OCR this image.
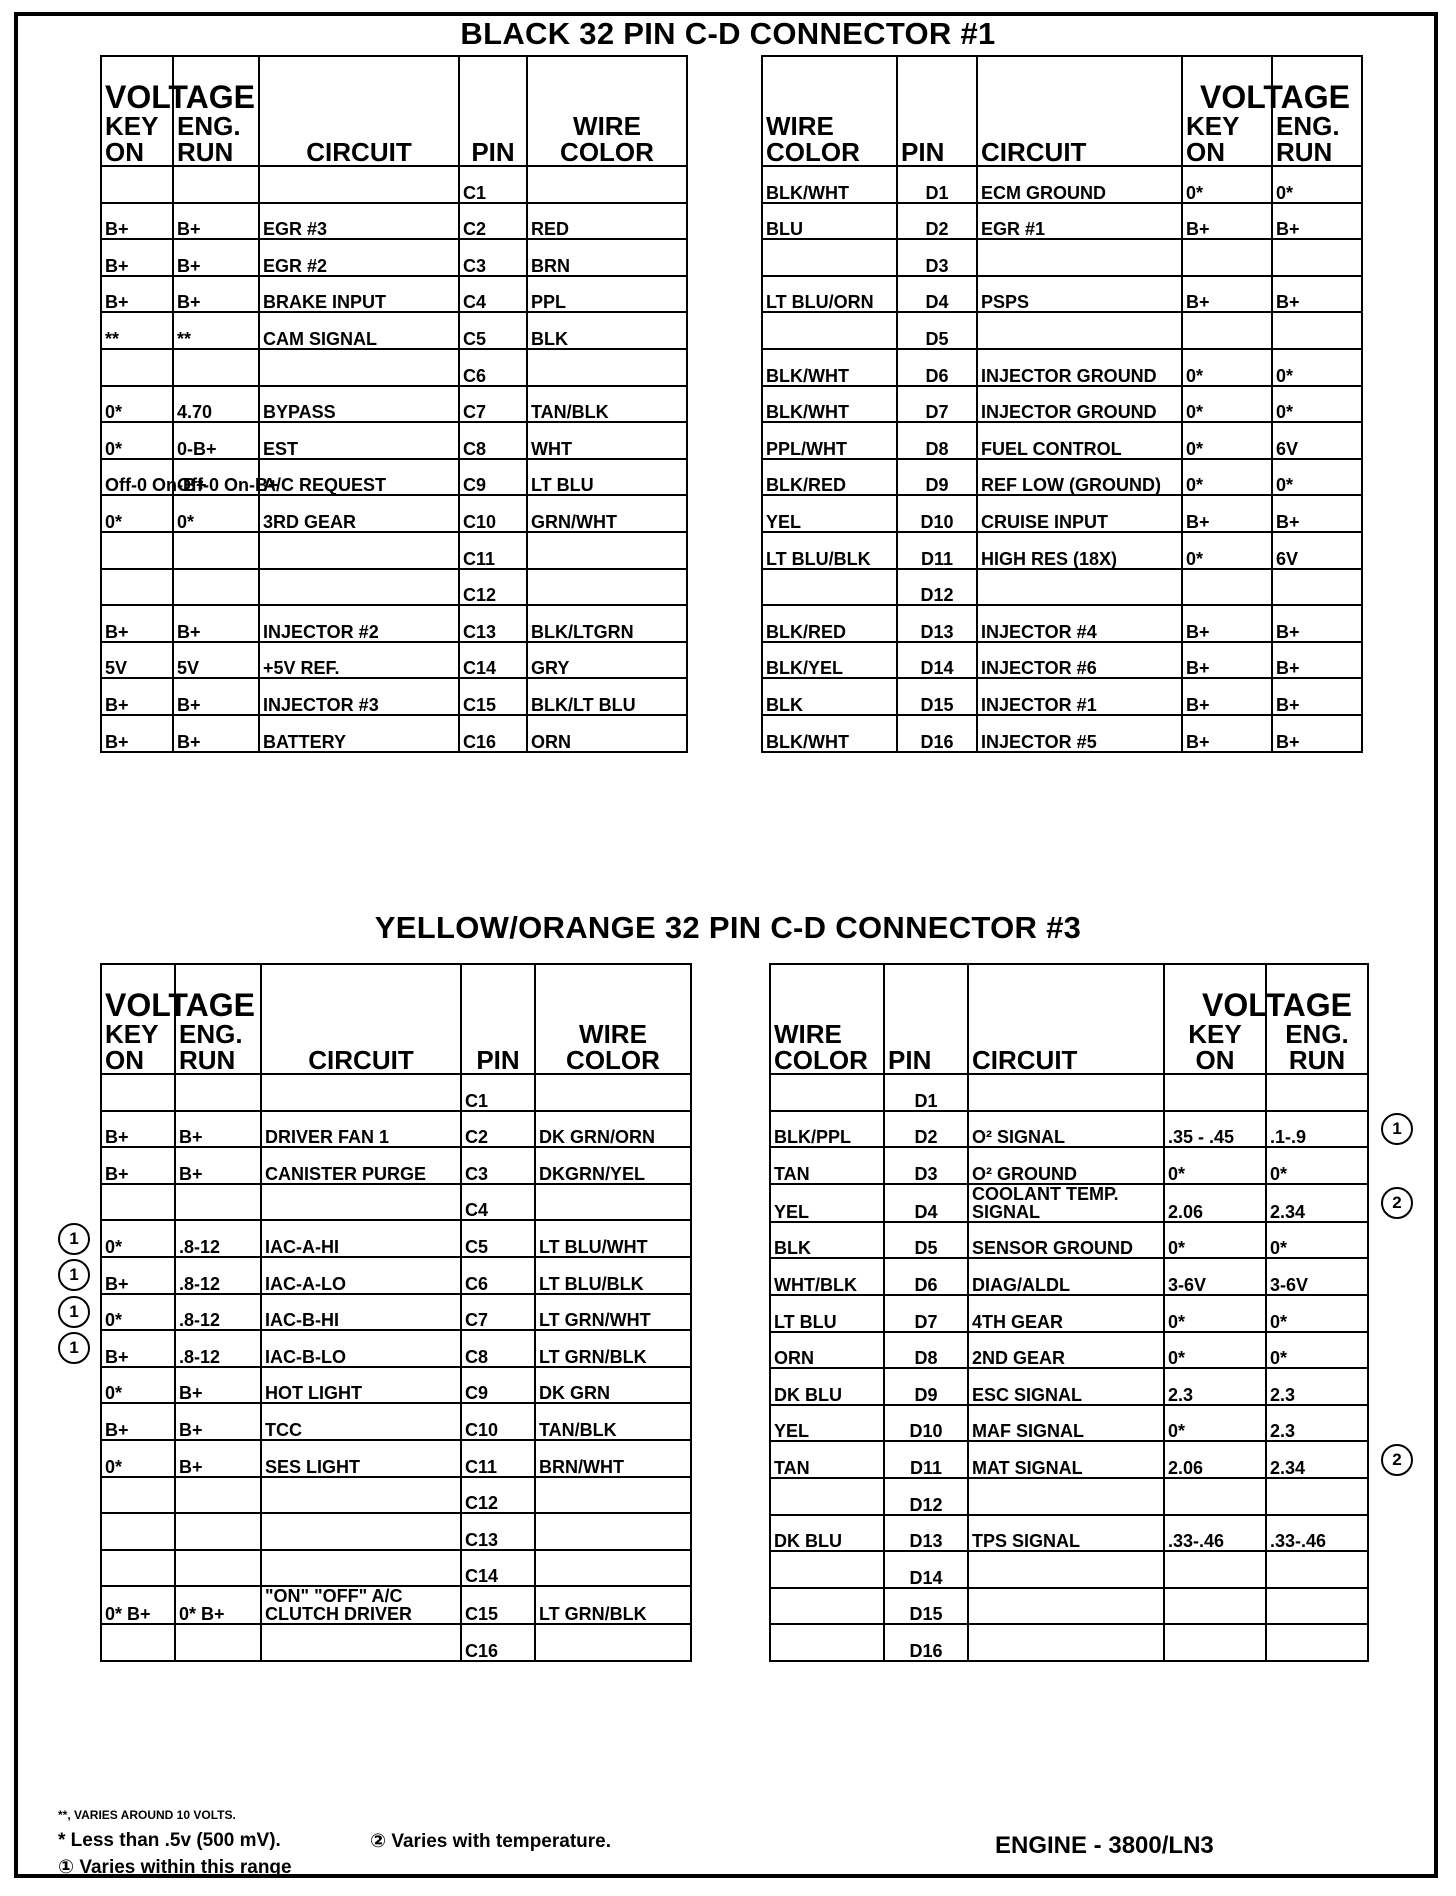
BLACK 32 PIN C-D CONNECTOR #1
YELLOW/ORANGE 32 PIN C-D CONNECTOR #3
VOLTAGE
KEY ON	ENG. RUN	CIRCUIT	PIN	WIRE COLOR
			C1	
B+	B+	EGR #3	C2	RED
B+	B+	EGR #2	C3	BRN
B+	B+	BRAKE INPUT	C4	PPL
**	**	CAM SIGNAL	C5	BLK
			C6	
0*	4.70	BYPASS	C7	TAN/BLK
0*	0-B+	EST	C8	WHT
Off-0 On-B+	Off-0 On-B+	A/C REQUEST	C9	LT BLU
0*	0*	3RD GEAR	C10	GRN/WHT
			C11	
			C12	
B+	B+	INJECTOR #2	C13	BLK/LTGRN
5V	5V	+5V REF.	C14	GRY
B+	B+	INJECTOR #3	C15	BLK/LT BLU
B+	B+	BATTERY	C16	ORN
WIRE COLOR	PIN	CIRCUIT	KEY ON	VOLTAGE
ENG. RUN

BLK/WHT	D1	ECM GROUND	0*	0*
BLU	D2	EGR #1	B+	B+
	D3			
LT BLU/ORN	D4	PSPS	B+	B+
	D5			
BLK/WHT	D6	INJECTOR GROUND	0*	0*
BLK/WHT	D7	INJECTOR GROUND	0*	0*
PPL/WHT	D8	FUEL CONTROL	0*	6V
BLK/RED	D9	REF LOW (GROUND)	0*	0*
YEL	D10	CRUISE INPUT	B+	B+
LT BLU/BLK	D11	HIGH RES (18X)	0*	6V
	D12			
BLK/RED	D13	INJECTOR #4	B+	B+
BLK/YEL	D14	INJECTOR #6	B+	B+
BLK	D15	INJECTOR #1	B+	B+
BLK/WHT	D16	INJECTOR #5	B+	B+
VOLTAGE
KEY ON	ENG. RUN	CIRCUIT	PIN	WIRE COLOR
			C1	
B+	B+	DRIVER FAN 1	C2	DK GRN/ORN
B+	B+	CANISTER PURGE	C3	DKGRN/YEL
			C4	
0*	.8-12	IAC-A-HI	C5	LT BLU/WHT
B+	.8-12	IAC-A-LO	C6	LT BLU/BLK
0*	.8-12	IAC-B-HI	C7	LT GRN/WHT
B+	.8-12	IAC-B-LO	C8	LT GRN/BLK
0*	B+	HOT LIGHT	C9	DK GRN
B+	B+	TCC	C10	TAN/BLK
0*	B+	SES LIGHT	C11	BRN/WHT
			C12	
			C13	
			C14	
0* B+	0* B+	"ON" "OFF" A/C CLUTCH DRIVER	C15	LT GRN/BLK
			C16	
WIRE COLOR	PIN	CIRCUIT	KEY ON	VOLTAGE
ENG. RUN

	D1			
BLK/PPL	D2	O² SIGNAL	.35 - .45	.1-.9
TAN	D3	O² GROUND	0*	0*
YEL	D4	COOLANT TEMP. SIGNAL	2.06	2.34
BLK	D5	SENSOR GROUND	0*	0*
WHT/BLK	D6	DIAG/ALDL	3-6V	3-6V
LT BLU	D7	4TH GEAR	0*	0*
ORN	D8	2ND GEAR	0*	0*
DK BLU	D9	ESC SIGNAL	2.3	2.3
YEL	D10	MAF SIGNAL	0*	2.3
TAN	D11	MAT SIGNAL	2.06	2.34
	D12			
DK BLU	D13	TPS SIGNAL	.33-.46	.33-.46
	D14			
	D15			
	D16			
**, VARIES AROUND 10 VOLTS.
* Less than .5v (500 mV).	② Varies with temperature.
① Varies within this range
ENGINE - 3800/LN3
1
1
1
1
1
2
2
